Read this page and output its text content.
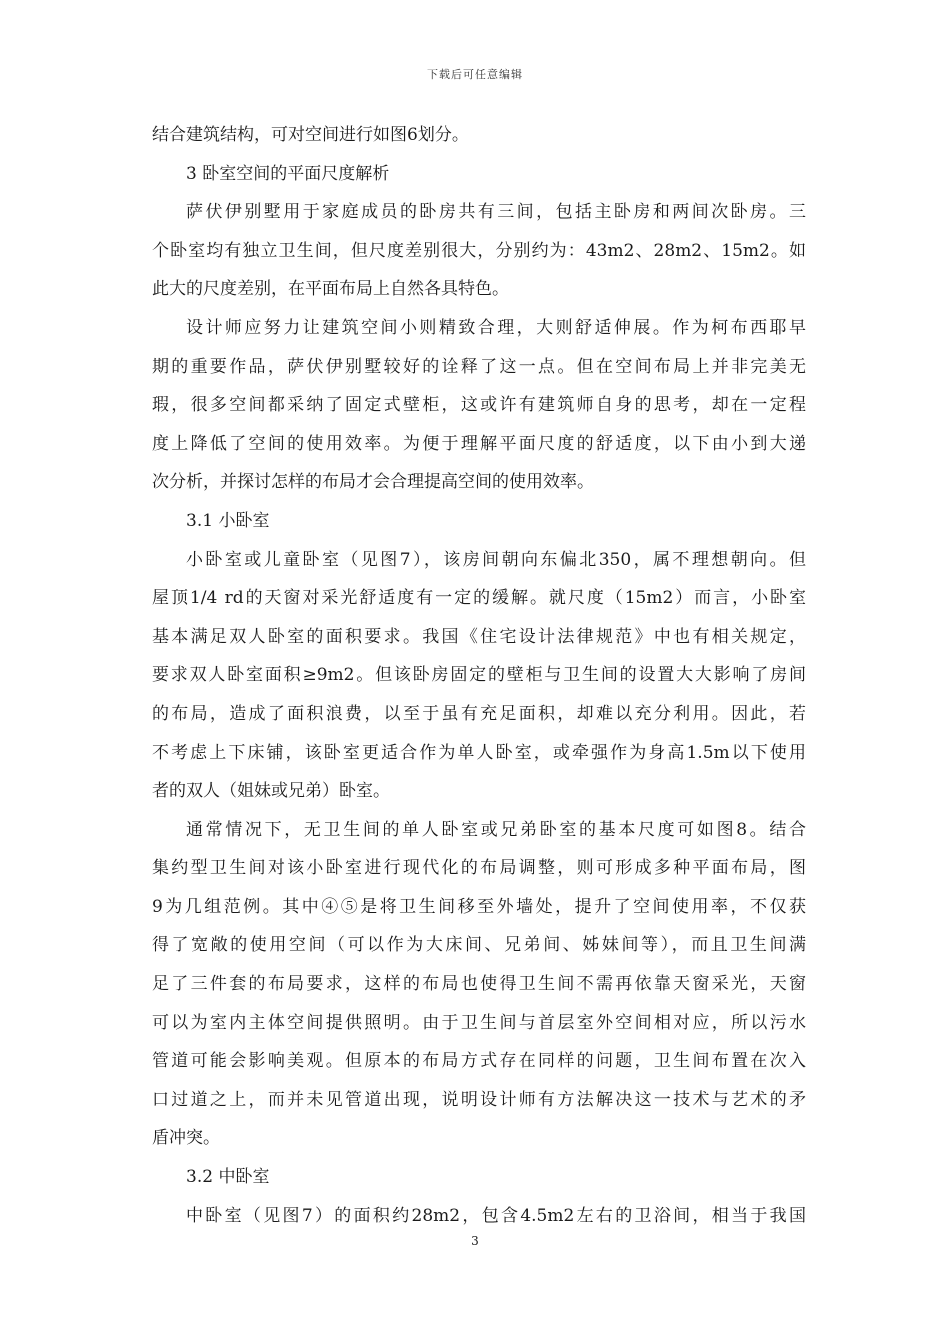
下载后可任意编辑
结合建筑结构，可对空间进行如图6划分。
3 卧室空间的平面尺度解析
萨伏伊别墅用于家庭成员的卧房共有三间，包括主卧房和两间次卧房。三
个卧室均有独立卫生间，但尺度差别很大，分别约为：43m2、28m2、15m2。如
此大的尺度差别，在平面布局上自然各具特色。
设计师应努力让建筑空间小则精致合理，大则舒适伸展。作为柯布西耶早
期的重要作品，萨伏伊别墅较好的诠释了这一点。但在空间布局上并非完美无
瑕，很多空间都采纳了固定式壁柜，这或许有建筑师自身的思考，却在一定程
度上降低了空间的使用效率。为便于理解平面尺度的舒适度，以下由小到大递
次分析，并探讨怎样的布局才会合理提高空间的使用效率。
3.1 小卧室
小卧室或儿童卧室（见图7），该房间朝向东偏北350，属不理想朝向。但
屋顶1/4 rd的天窗对采光舒适度有一定的缓解。就尺度（15m2）而言，小卧室
基本满足双人卧室的面积要求。我国《住宅设计法律规范》中也有相关规定，
要求双人卧室面积≥9m2。但该卧房固定的壁柜与卫生间的设置大大影响了房间
的布局，造成了面积浪费，以至于虽有充足面积，却难以充分利用。因此，若
不考虑上下床铺，该卧室更适合作为单人卧室，或牵强作为身高1.5m以下使用
者的双人（姐妹或兄弟）卧室。
通常情况下，无卫生间的单人卧室或兄弟卧室的基本尺度可如图8。结合
集约型卫生间对该小卧室进行现代化的布局调整，则可形成多种平面布局，图
9为几组范例。其中④⑤是将卫生间移至外墙处，提升了空间使用率，不仅获
得了宽敞的使用空间（可以作为大床间、兄弟间、姊妹间等），而且卫生间满
足了三件套的布局要求，这样的布局也使得卫生间不需再依靠天窗采光，天窗
可以为室内主体空间提供照明。由于卫生间与首层室外空间相对应，所以污水
管道可能会影响美观。但原本的布局方式存在同样的问题，卫生间布置在次入
口过道之上，而并未见管道出现，说明设计师有方法解决这一技术与艺术的矛
盾冲突。
3.2 中卧室
中卧室（见图7）的面积约28m2，包含4.5m2左右的卫浴间，相当于我国
3
